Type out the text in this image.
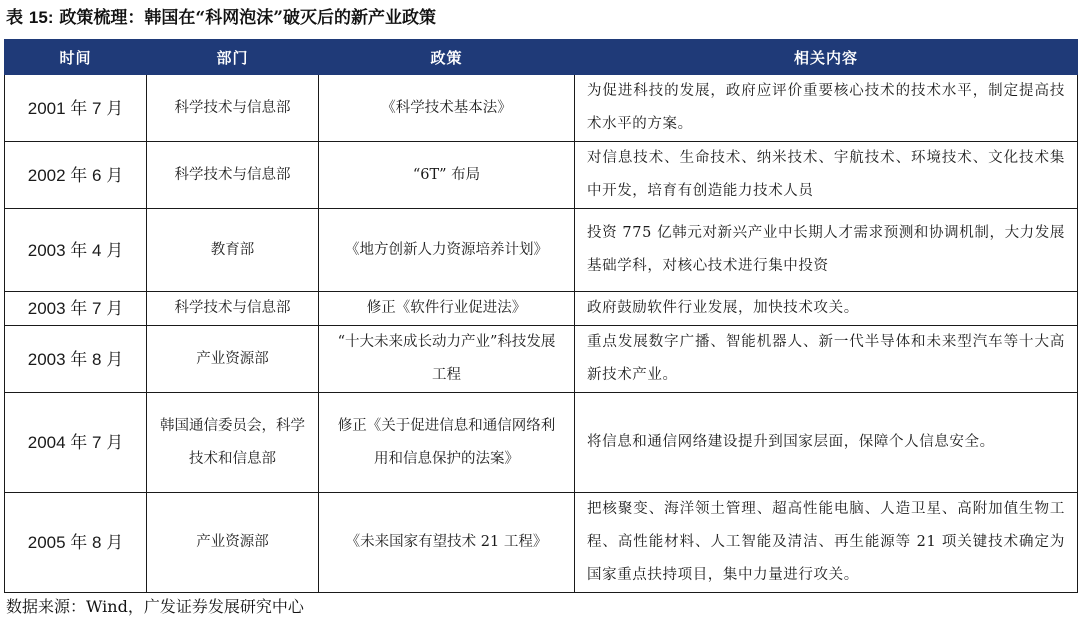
表 15: 政策梳理：韩国在“科网泡沫”破灭后的新产业政策
时间	部门	政策	相关内容
2001 年 7 月	科学技术与信息部	《科学技术基本法》	为促进科技的发展，政府应评价重要核心技术的技术水平，制定提高技术水平的方案。
2002 年 6 月	科学技术与信息部	“6T” 布局	对信息技术、生命技术、纳米技术、宇航技术、环境技术、文化技术集中开发，培育有创造能力技术人员
2003 年 4 月	教育部	《地方创新人力资源培养计划》	投资 775 亿韩元对新兴产业中长期人才需求预测和协调机制，大力发展基础学科，对核心技术进行集中投资
2003 年 7 月	科学技术与信息部	修正《软件行业促进法》	政府鼓励软件行业发展，加快技术攻关。
2003 年 8 月	产业资源部	“十大未来成长动力产业”科技发展工程	重点发展数字广播、智能机器人、新一代半导体和未来型汽车等十大高新技术产业。
2004 年 7 月	韩国通信委员会，科学技术和信息部	修正《关于促进信息和通信网络利用和信息保护的法案》	将信息和通信网络建设提升到国家层面，保障个人信息安全。
2005 年 8 月	产业资源部	《未来国家有望技术 21 工程》	把核聚变、海洋领土管理、超高性能电脑、人造卫星、高附加值生物工程、高性能材料、人工智能及清洁、再生能源等 21 项关键技术确定为国家重点扶持项目，集中力量进行攻关。
数据来源：Wind，广发证券发展研究中心
